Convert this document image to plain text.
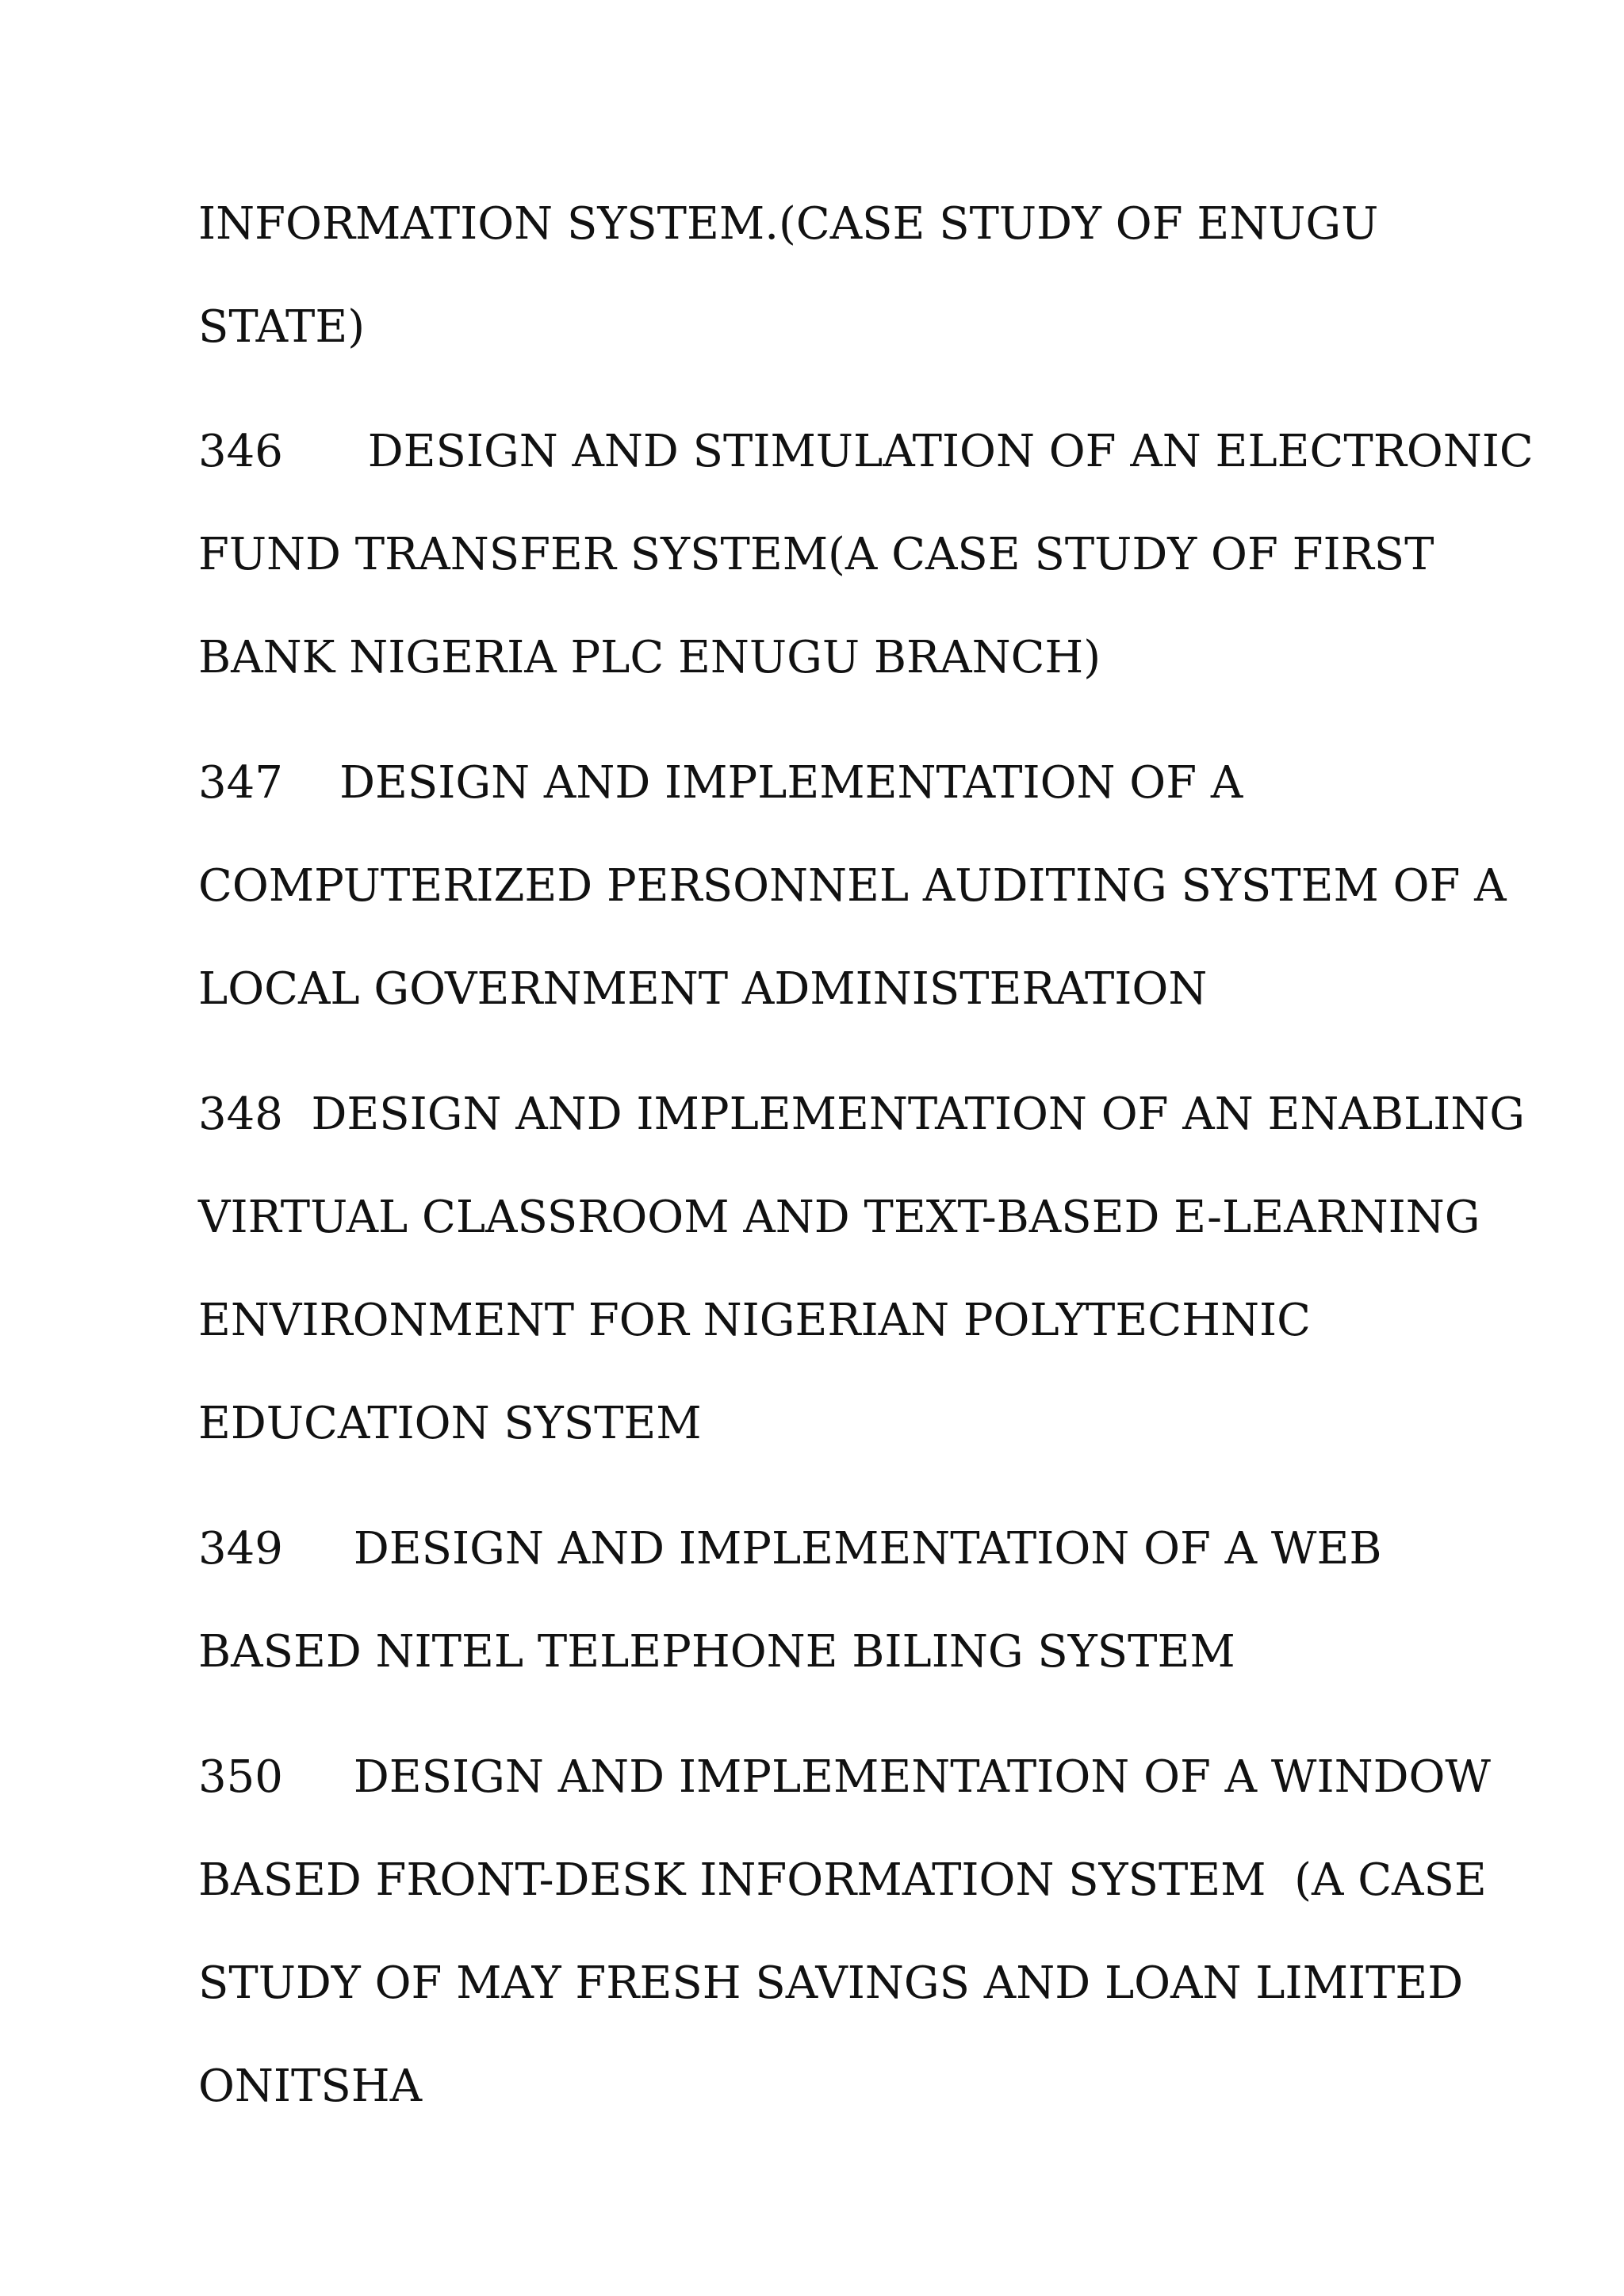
INFORMATION SYSTEM.(CASE STUDY OF ENUGU

STATE)

346      DESIGN AND STIMULATION OF AN ELECTRONIC

FUND TRANSFER SYSTEM(A CASE STUDY OF FIRST

BANK NIGERIA PLC ENUGU BRANCH)

347    DESIGN AND IMPLEMENTATION OF A

COMPUTERIZED PERSONNEL AUDITING SYSTEM OF A

LOCAL GOVERNMENT ADMINISTERATION

348  DESIGN AND IMPLEMENTATION OF AN ENABLING

VIRTUAL CLASSROOM AND TEXT-BASED E-LEARNING

ENVIRONMENT FOR NIGERIAN POLYTECHNIC

EDUCATION SYSTEM

349     DESIGN AND IMPLEMENTATION OF A WEB

BASED NITEL TELEPHONE BILING SYSTEM

350     DESIGN AND IMPLEMENTATION OF A WINDOW

BASED FRONT-DESK INFORMATION SYSTEM  (A CASE

STUDY OF MAY FRESH SAVINGS AND LOAN LIMITED

ONITSHA
